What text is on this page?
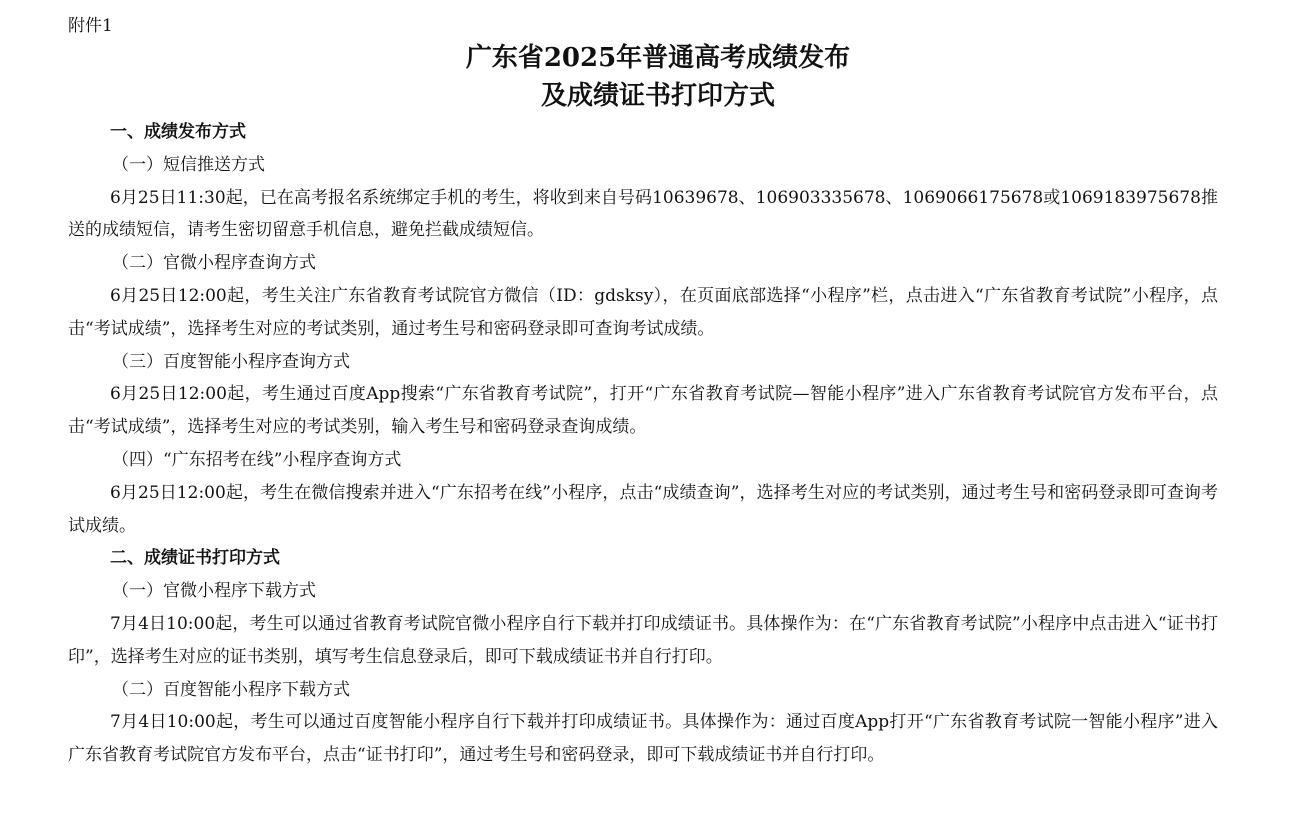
附件1
广东省2025年普通高考成绩发布
及成绩证书打印方式

一、成绩发布方式

（一）短信推送方式

6月25日11:30起，已在高考报名系统绑定手机的考生，将收到来自号码10639678、106903335678、1069066175678或1069183975678推送的成绩短信，请考生密切留意手机信息，避免拦截成绩短信。

（二）官微小程序查询方式

6月25日12:00起，考生关注广东省教育考试院官方微信（ID：gdsksy），在页面底部选择“小程序”栏，点击进入“广东省教育考试院”小程序，点击“考试成绩”，选择考生对应的考试类别，通过考生号和密码登录即可查询考试成绩。

（三）百度智能小程序查询方式

6月25日12:00起，考生通过百度App搜索“广东省教育考试院”，打开“广东省教育考试院—智能小程序”进入广东省教育考试院官方发布平台，点击“考试成绩”，选择考生对应的考试类别，输入考生号和密码登录查询成绩。

（四）“广东招考在线”小程序查询方式

6月25日12:00起，考生在微信搜索并进入“广东招考在线”小程序，点击“成绩查询”，选择考生对应的考试类别，通过考生号和密码登录即可查询考试成绩。

二、成绩证书打印方式

（一）官微小程序下载方式

7月4日10:00起，考生可以通过省教育考试院官微小程序自行下载并打印成绩证书。具体操作为：在“广东省教育考试院”小程序中点击进入“证书打印”，选择考生对应的证书类别，填写考生信息登录后，即可下载成绩证书并自行打印。

（二）百度智能小程序下载方式

7月4日10:00起，考生可以通过百度智能小程序自行下载并打印成绩证书。具体操作为：通过百度App打开“广东省教育考试院一智能小程序”进入广东省教育考试院官方发布平台，点击“证书打印”，通过考生号和密码登录，即可下载成绩证书并自行打印。
